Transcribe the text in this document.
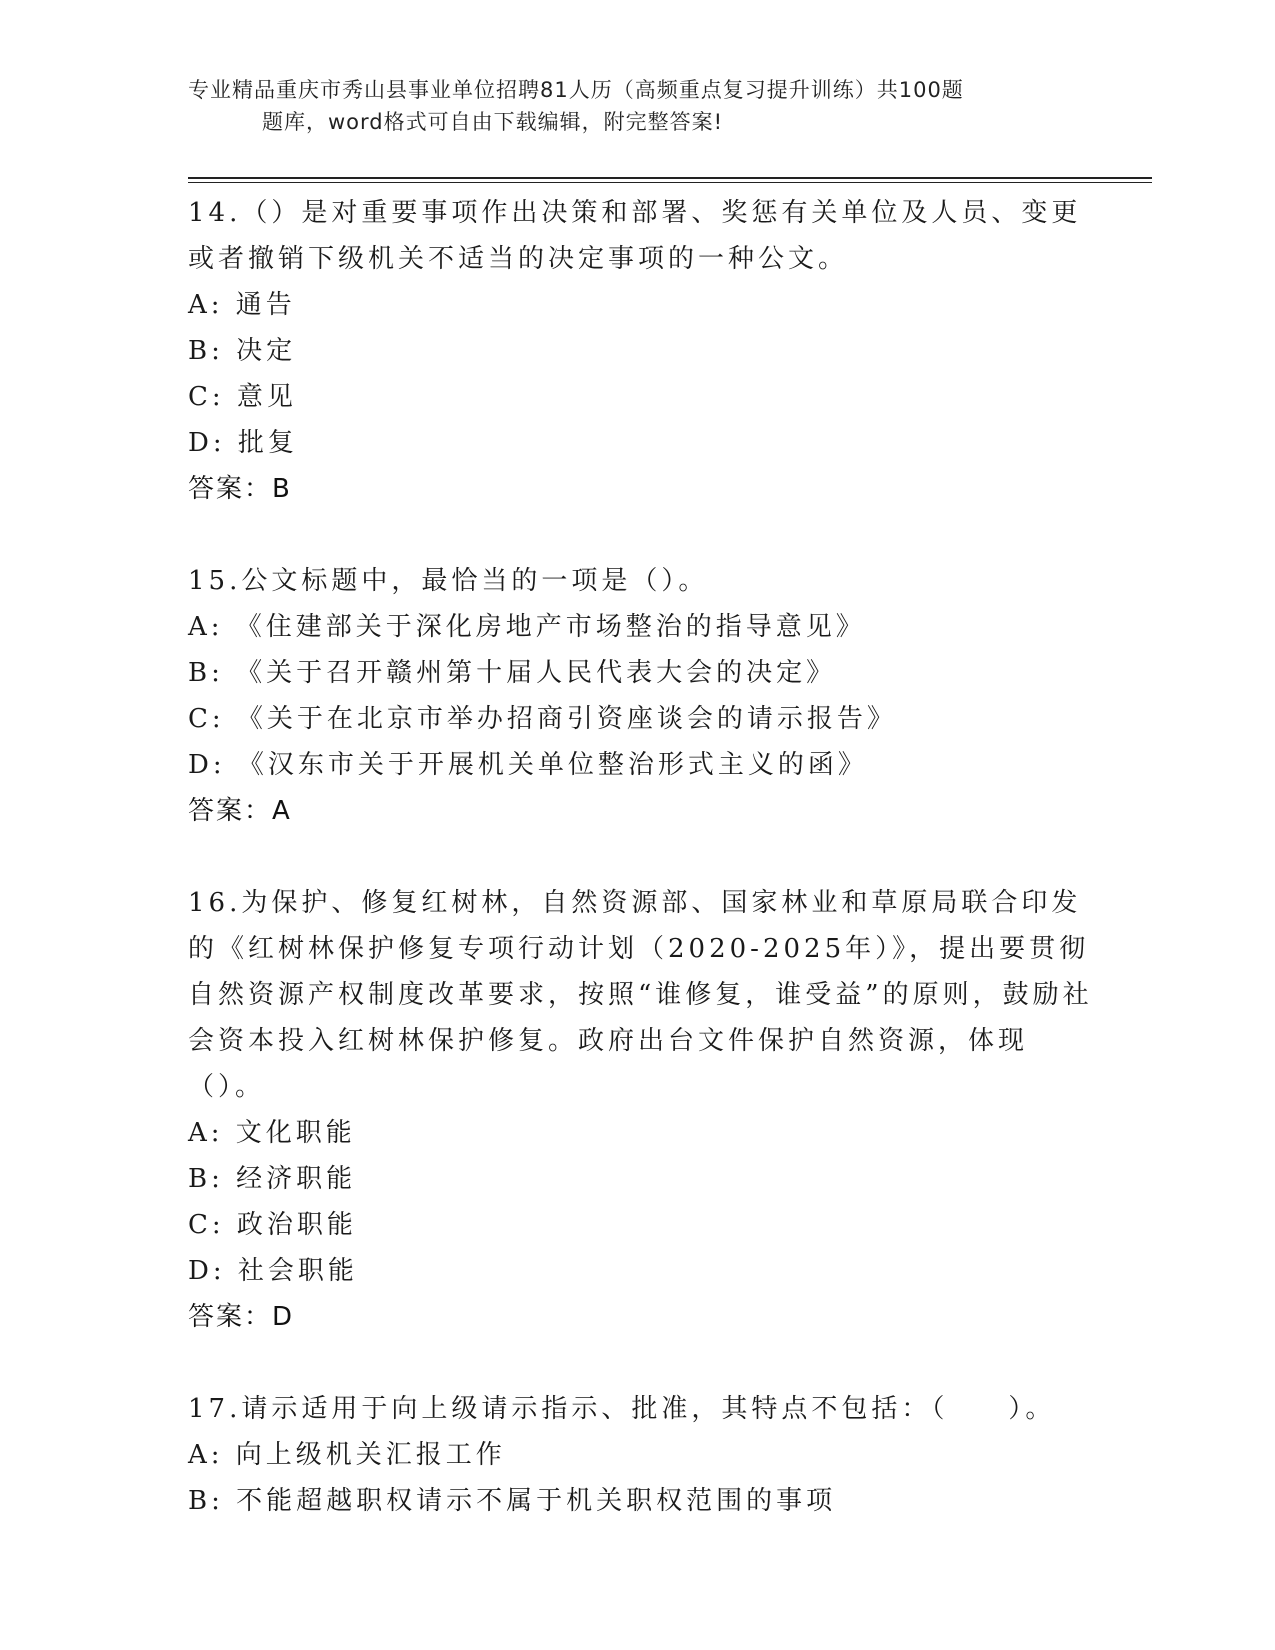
专业精品重庆市秀山县事业单位招聘81人历（高频重点复习提升训练）共100题
题库，word格式可自由下载编辑，附完整答案!
14.（）是对重要事项作出决策和部署、奖惩有关单位及人员、变更或者撤销下级机关不适当的决定事项的一种公文。
A: 通告
B: 决定
C: 意见
D: 批复
答案：B
15.公文标题中，最恰当的一项是（）。
A: 《住建部关于深化房地产市场整治的指导意见》
B: 《关于召开赣州第十届人民代表大会的决定》
C: 《关于在北京市举办招商引资座谈会的请示报告》
D: 《汉东市关于开展机关单位整治形式主义的函》
答案：A
16.为保护、修复红树林，自然资源部、国家林业和草原局联合印发的《红树林保护修复专项行动计划（2020-2025年）》，提出要贯彻自然资源产权制度改革要求，按照“谁修复，谁受益”的原则，鼓励社会资本投入红树林保护修复。政府出台文件保护自然资源，体现（）。
A: 文化职能
B: 经济职能
C: 政治职能
D: 社会职能
答案：D
17.请示适用于向上级请示指示、批准，其特点不包括：（　　）。
A: 向上级机关汇报工作
B: 不能超越职权请示不属于机关职权范围的事项
